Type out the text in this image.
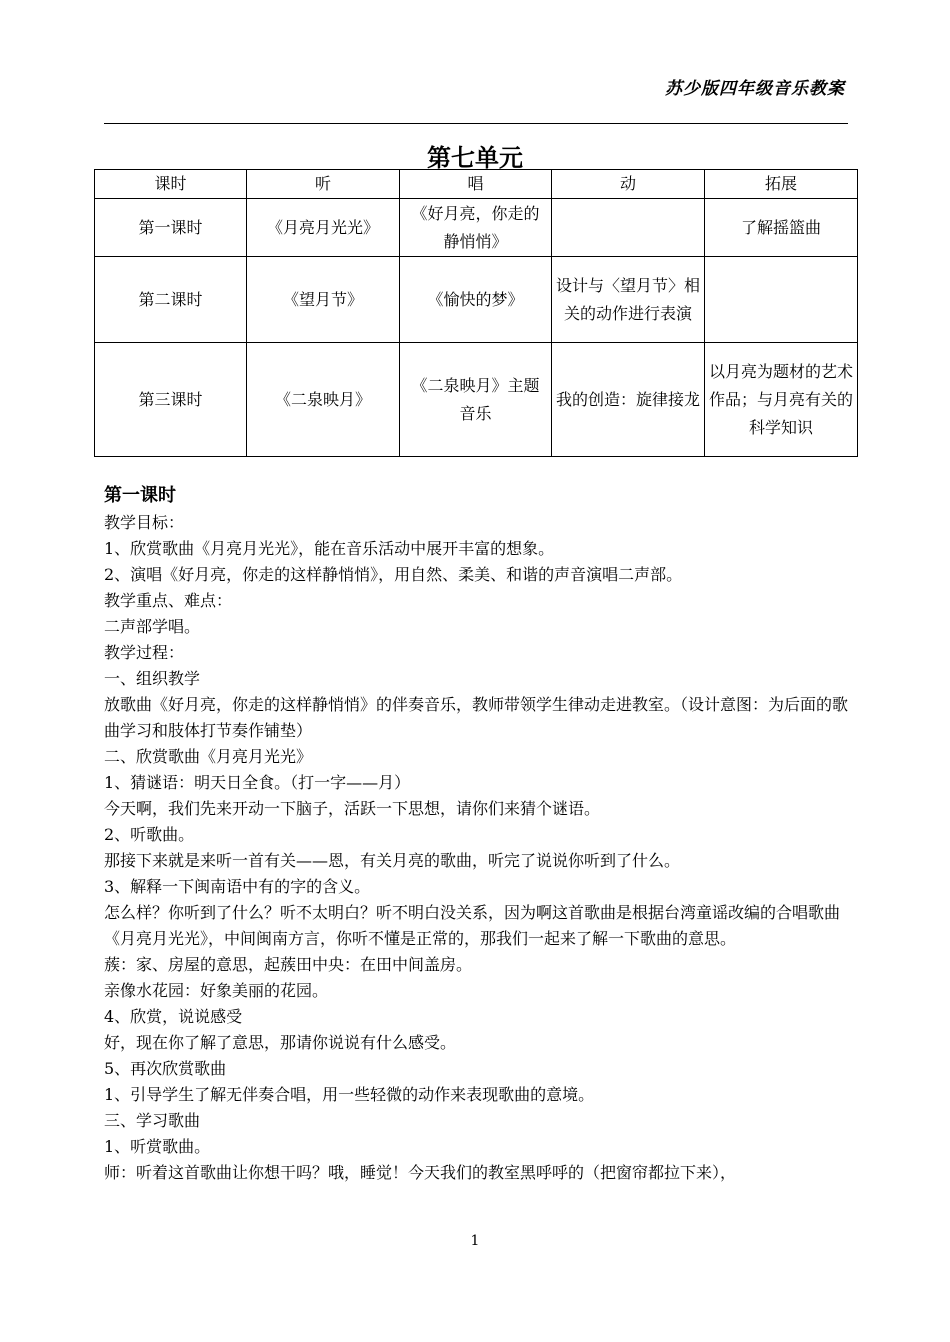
苏少版四年级音乐教案
第七单元
课时	听	唱	动	拓展
第一课时	《月亮月光光》	《好月亮，你走的静悄悄》		了解摇篮曲
第二课时	《望月节》	《愉快的梦》	设计与〈望月节〉相关的动作进行表演	
第三课时	《二泉映月》	《二泉映月》主题音乐	我的创造：旋律接龙	以月亮为题材的艺术作品；与月亮有关的科学知识
第一课时

教学目标：

1、欣赏歌曲《月亮月光光》，能在音乐活动中展开丰富的想象。

2、演唱《好月亮，你走的这样静悄悄》，用自然、柔美、和谐的声音演唱二声部。

教学重点、难点：

二声部学唱。

教学过程：

一、组织教学

放歌曲《好月亮，你走的这样静悄悄》的伴奏音乐，教师带领学生律动走进教室。（设计意图：为后面的歌曲学习和肢体打节奏作铺垫）

二、欣赏歌曲《月亮月光光》

1、猜谜语：明天日全食。（打一字——月）

今天啊，我们先来开动一下脑子，活跃一下思想，请你们来猜个谜语。

2、听歌曲。

那接下来就是来听一首有关——恩，有关月亮的歌曲，听完了说说你听到了什么。

3、解释一下闽南语中有的字的含义。

怎么样？你听到了什么？听不太明白？听不明白没关系，因为啊这首歌曲是根据台湾童谣改编的合唱歌曲《月亮月光光》，中间闽南方言，你听不懂是正常的，那我们一起来了解一下歌曲的意思。

蔟：家、房屋的意思，起蔟田中央：在田中间盖房。

亲像水花园：好象美丽的花园。

4、欣赏，说说感受

好，现在你了解了意思，那请你说说有什么感受。

5、再次欣赏歌曲

1、引导学生了解无伴奏合唱，用一些轻微的动作来表现歌曲的意境。

三、学习歌曲

1、听赏歌曲。

师：听着这首歌曲让你想干吗？哦，睡觉！今天我们的教室黑呼呼的（把窗帘都拉下来），

1
